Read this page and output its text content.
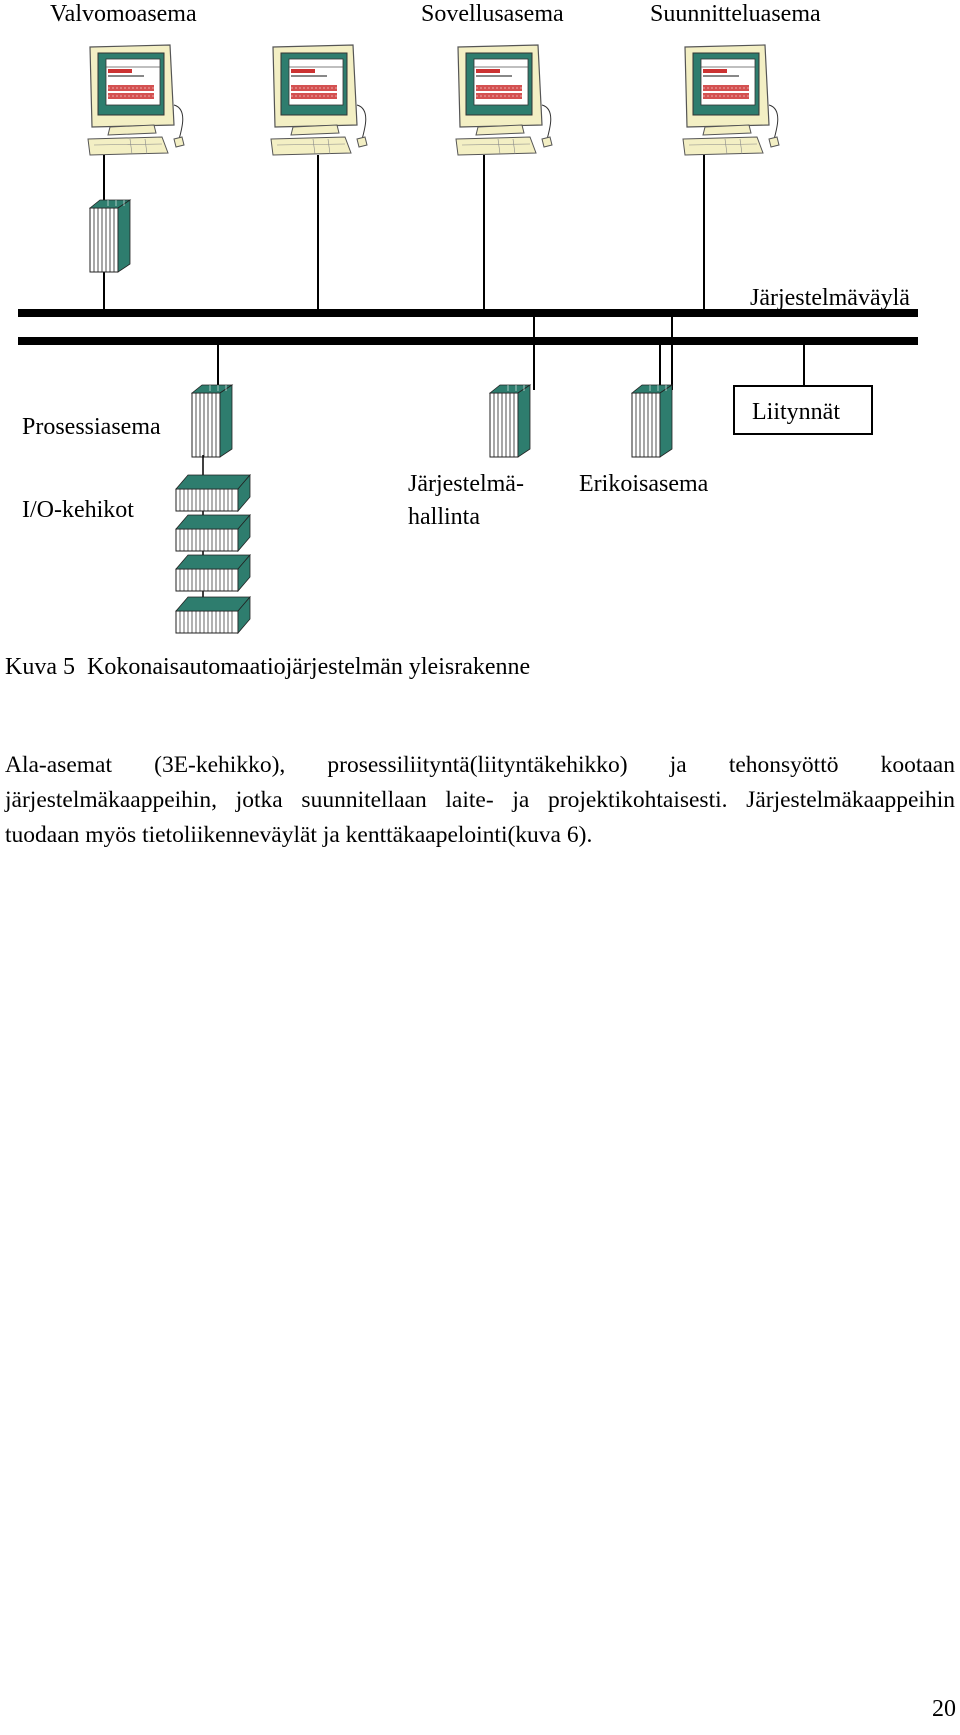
Valvomoasema	Sovellusasema	Suunnitteluasema
Järjestelmäväylä
Prosessiasema
I/O-kehikot
Järjestelmä-
hallinta
Erikoisasema
Liitynnät
Kuva 5 Kokonaisautomaatiojärjestelmän yleisrakenne

Ala-asemat (3E-kehikko), prosessiliityntä(liityntäkehikko) ja tehonsyöttö kootaan järjestelmäkaappeihin, jotka suunnitellaan laite- ja projektikohtaisesti. Järjestelmäkaappeihin tuodaan myös tietoliikenneväylät ja kenttäkaapelointi(kuva 6).

20
